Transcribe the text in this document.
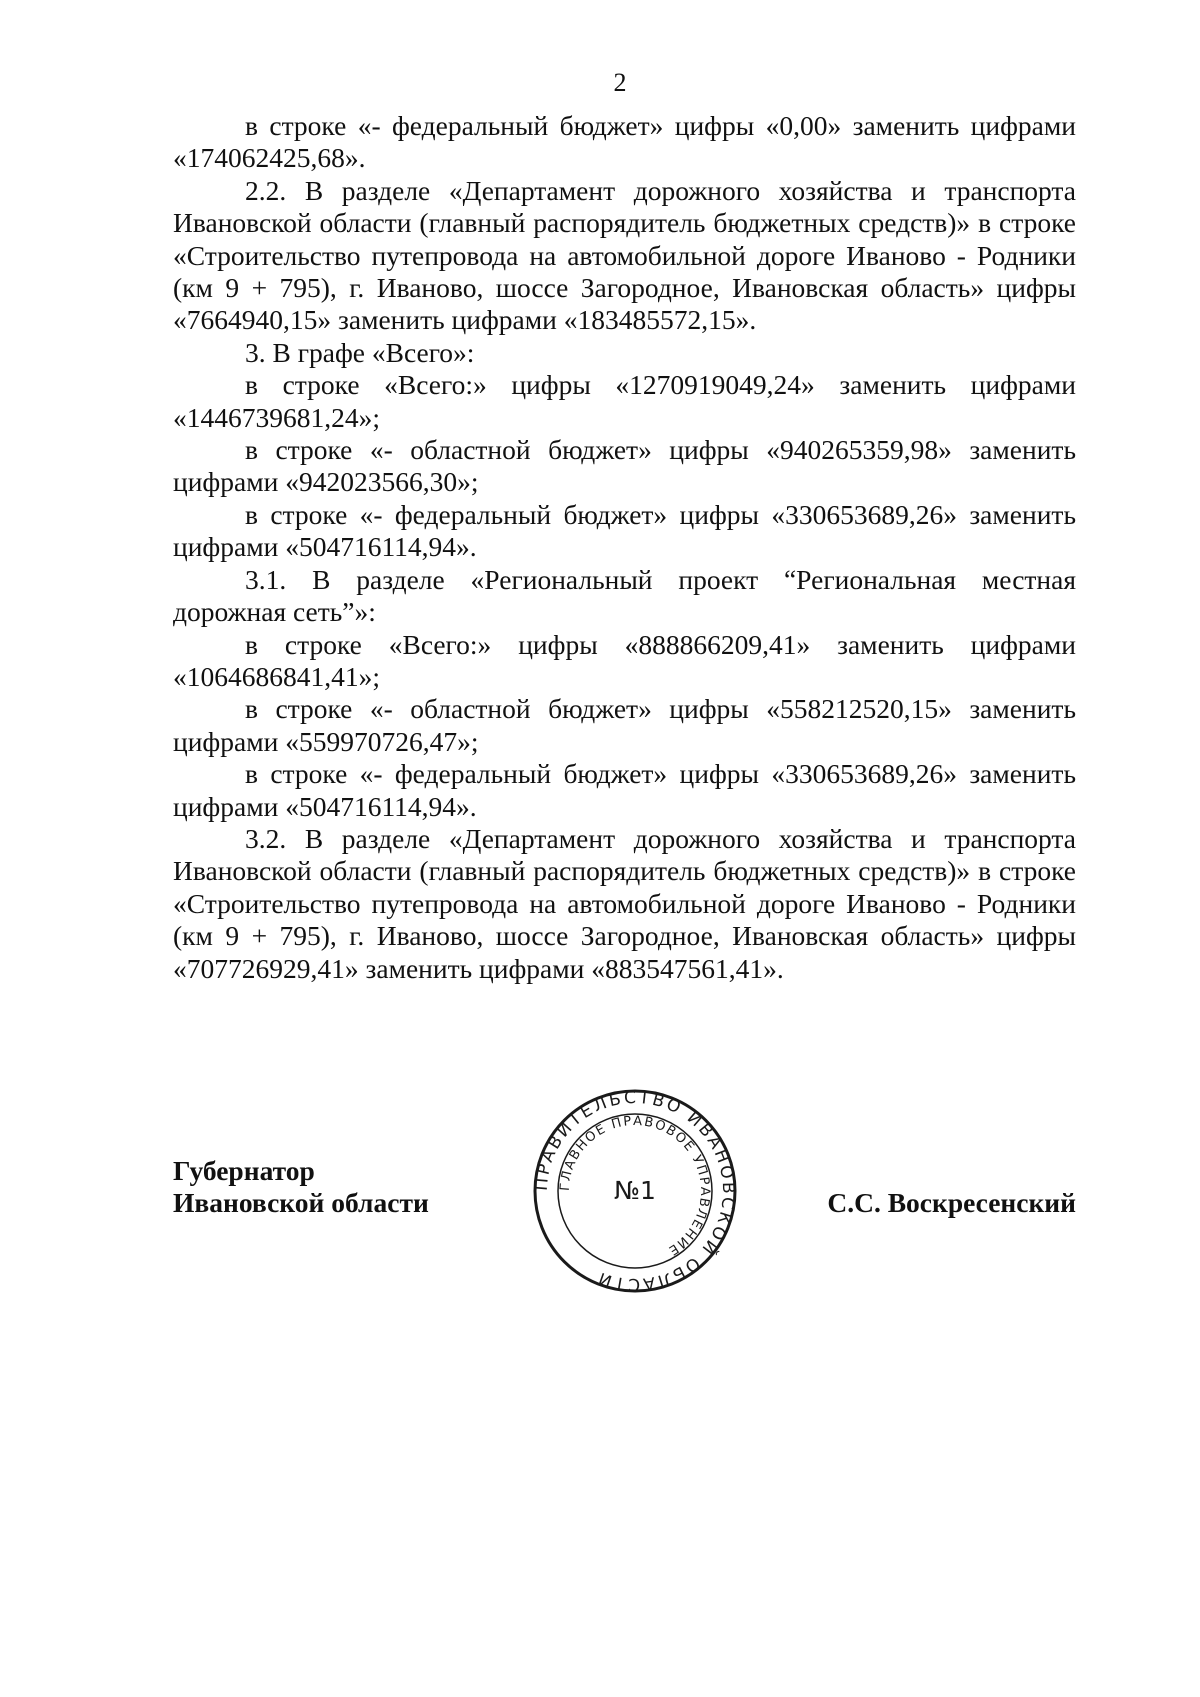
2

в строке «- федеральный бюджет» цифры «0,00» заменить цифрами «174062425,68».

2.2. В разделе «Департамент дорожного хозяйства и транспорта Ивановской области (главный распорядитель бюджетных средств)» в строке «Строительство путепровода на автомобильной дороге Иваново - Родники (км 9 + 795), г. Иваново, шоссе Загородное, Ивановская область» цифры «7664940,15» заменить цифрами «183485572,15».

3. В графе «Всего»:

в строке «Всего:» цифры «1270919049,24» заменить цифрами «1446739681,24»;

в строке «- областной бюджет» цифры «940265359,98» заменить цифрами «942023566,30»;

в строке «- федеральный бюджет» цифры «330653689,26» заменить цифрами «504716114,94».

3.1. В разделе «Региональный проект “Региональная местная дорожная сеть”»:

в строке «Всего:» цифры «888866209,41» заменить цифрами «1064686841,41»;

в строке «- областной бюджет» цифры «558212520,15» заменить цифрами «559970726,47»;

в строке «- федеральный бюджет» цифры «330653689,26» заменить цифрами «504716114,94».

3.2. В разделе «Департамент дорожного хозяйства и транспорта Ивановской области (главный распорядитель бюджетных средств)» в строке «Строительство путепровода на автомобильной дороге Иваново - Родники (км 9 + 795), г. Иваново, шоссе Загородное, Ивановская область» цифры «707726929,41» заменить цифрами «883547561,41».

Губернатор
Ивановской области	С.С. Воскресенский
ПРАВИТЕЛЬСТВО ИВАНОВСКОЙ ОБЛАСТИ
ГЛАВНОЕ ПРАВОВОЕ УПРАВЛЕНИЕ
№1
